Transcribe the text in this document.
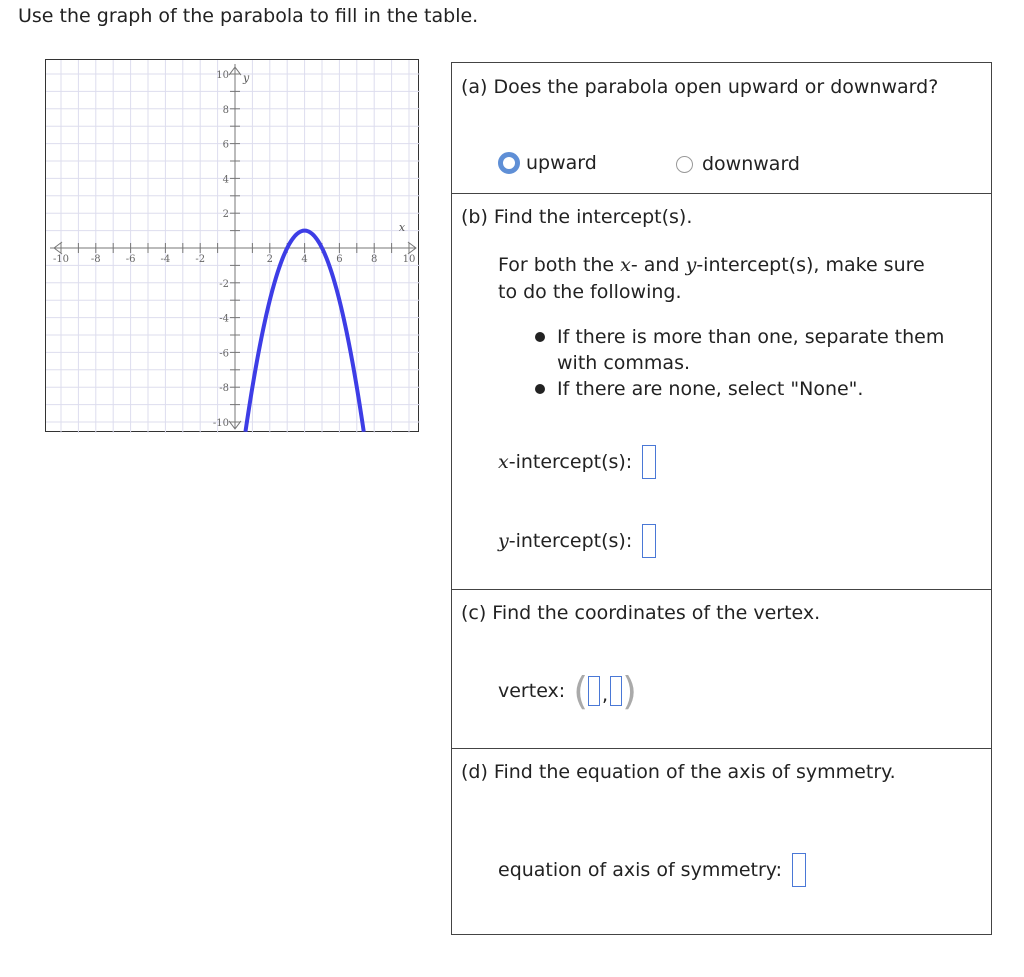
Use the graph of the parabola to fill in the table.
-10 -8	-6	-4	-2	2	4	6	8	10
10
8
6
4
2
-2
-4
-6
-8
-10
x
y	(a) Does the parabola open upward or downward?
upward	downward
(b) Find the intercept(s).
For both the x- and y-intercept(s), make sure
to do the following.
If there is more than one, separate them
with commas.
If there are none, select "None".
x -intercept(s):
y -intercept(s):
(c) Find the coordinates of the vertex.
vertex: ( , )
(d) Find the equation of the axis of symmetry.
equation of axis of symmetry:
